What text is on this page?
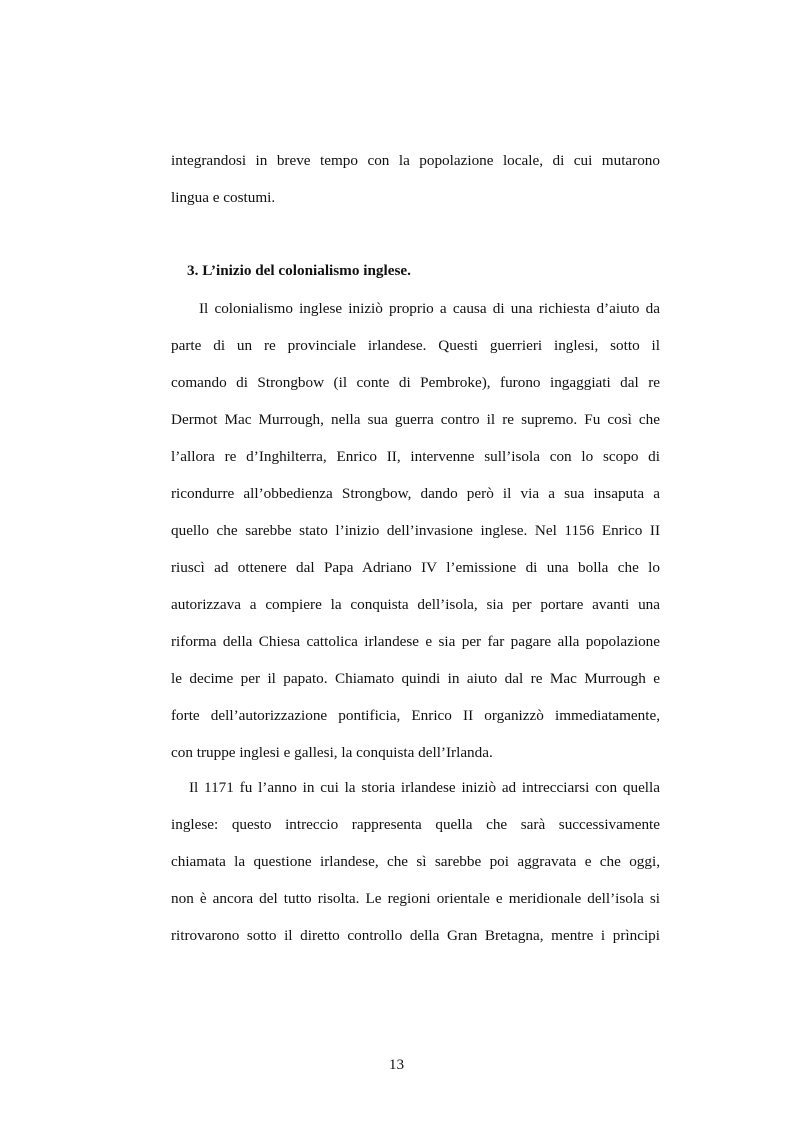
integrandosi in breve tempo con la popolazione locale, di cui mutarono
lingua e costumi.
3. L’inizio del colonialismo inglese.
Il colonialismo inglese iniziò proprio a causa di una richiesta d’aiuto da
parte di un re provinciale irlandese. Questi guerrieri inglesi, sotto il
comando di Strongbow (il conte di Pembroke), furono ingaggiati dal re
Dermot Mac Murrough, nella sua guerra contro il re supremo. Fu così che
l’allora re d’Inghilterra, Enrico II, intervenne sull’isola con lo scopo di
ricondurre all’obbedienza Strongbow, dando però il via a sua insaputa a
quello che sarebbe stato l’inizio dell’invasione inglese. Nel 1156 Enrico II
riuscì ad ottenere dal Papa Adriano IV l’emissione di una bolla che lo
autorizzava a compiere la conquista dell’isola, sia per portare avanti una
riforma della Chiesa cattolica irlandese e sia per far pagare alla popolazione
le decime per il papato. Chiamato quindi in aiuto dal re Mac Murrough e
forte dell’autorizzazione pontificia, Enrico II organizzò immediatamente,
con truppe inglesi e gallesi, la conquista dell’Irlanda.
Il 1171 fu l’anno in cui la storia irlandese iniziò ad intrecciarsi con quella
inglese: questo intreccio rappresenta quella che sarà successivamente
chiamata la questione irlandese, che sì sarebbe poi aggravata e che oggi,
non è ancora del tutto risolta. Le regioni orientale e meridionale dell’isola si
ritrovarono sotto il diretto controllo della Gran Bretagna, mentre i prìncipi
13
